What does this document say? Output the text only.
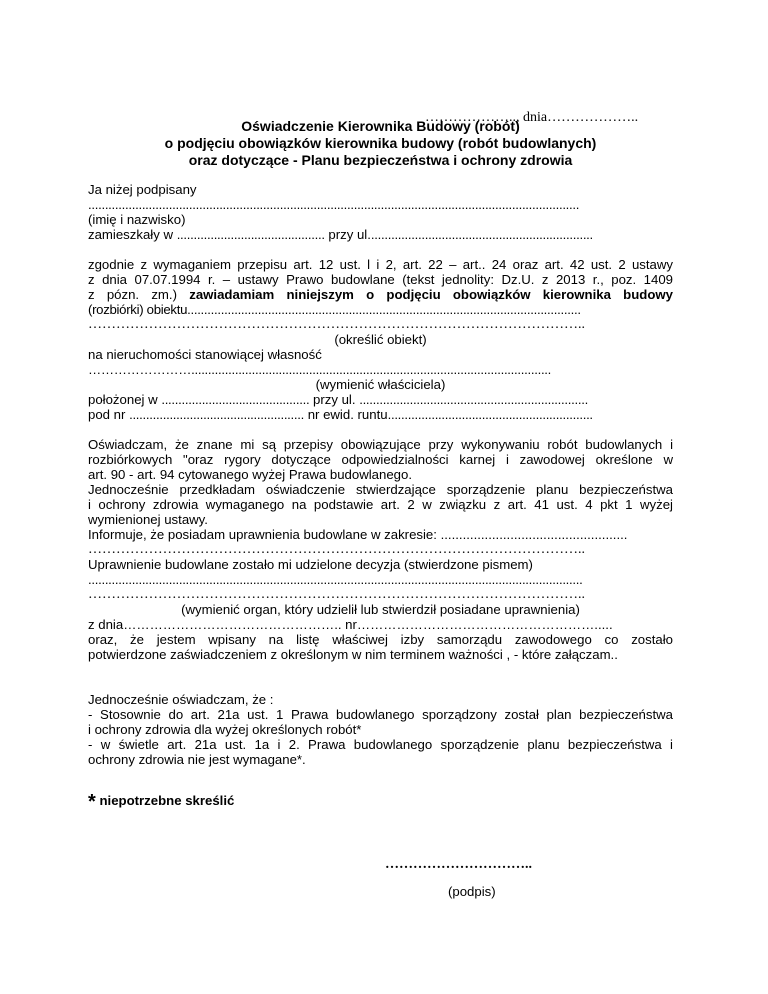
……………….., dnia………………..
Oświadczenie Kierownika Budowy (robót)
o podjęciu obowiązków kierownika budowy (robót budowlanych)
oraz dotyczące - Planu bezpieczeństwa i ochrony zdrowia
Ja niżej podpisany
..................................................................................................................................................
(imię i nazwisko)
zamieszkały w ............................................ przy ul...................................................................
zgodnie z wymaganiem przepisu art. 12 ust. l i 2, art. 22 – art.. 24 oraz art. 42 ust. 2 ustawy
z dnia 07.07.1994 r. – ustawy Prawo budowlane (tekst jednolity: Dz.U. z 2013 r., poz. 1409
z pózn. zm.) zawiadamiam niniejszym o podjęciu obowiązków kierownika budowy
(rozbiórki) obiektu.....................................................................................................................
……………………………………………………………………………………………..
(określić obiekt)
na nieruchomości stanowiącej własność
……………………...........................................................................................................
(wymienić właściciela)
położonej w ............................................ przy ul. ....................................................................
pod nr .................................................... nr ewid. runtu.............................................................
Oświadczam, że znane mi są przepisy obowiązujące przy wykonywaniu robót budowlanych i
rozbiórkowych "oraz rygory dotyczące odpowiedzialności karnej i zawodowej określone w
art. 90 - art. 94 cytowanego wyżej Prawa budowlanego.
Jednocześnie przedkładam oświadczenie stwierdzające sporządzenie planu bezpieczeństwa
i ochrony zdrowia wymaganego na podstawie art. 2 w związku z art. 41 ust. 4 pkt 1 wyżej
wymienionej ustawy.
Informuje, że posiadam uprawnienia budowlane w zakresie: ...................................................
……………………………………………………………………………………………..
Uprawnienie budowlane zostało mi udzielone decyzja (stwierdzone pismem)
...................................................................................................................................................
……………………………………………………………………………………………..
(wymienić organ, który udzielił lub stwierdził posiadane uprawnienia)
z dnia………………………………………….. nr……………………………………………….....
oraz, że jestem wpisany na listę właściwej izby samorządu zawodowego co zostało
potwierdzone zaświadczeniem z określonym w nim terminem ważności , - które załączam..
Jednocześnie oświadczam, że :
- Stosownie do art. 21a ust. 1 Prawa budowlanego sporządzony został plan bezpieczeństwa
i ochrony zdrowia dla wyżej określonych robót*
- w świetle art. 21a ust. 1a i 2. Prawa budowlanego sporządzenie planu bezpieczeństwa i
ochrony zdrowia nie jest wymagane*.
* niepotrzebne skreślić
…………………………..
(podpis)
